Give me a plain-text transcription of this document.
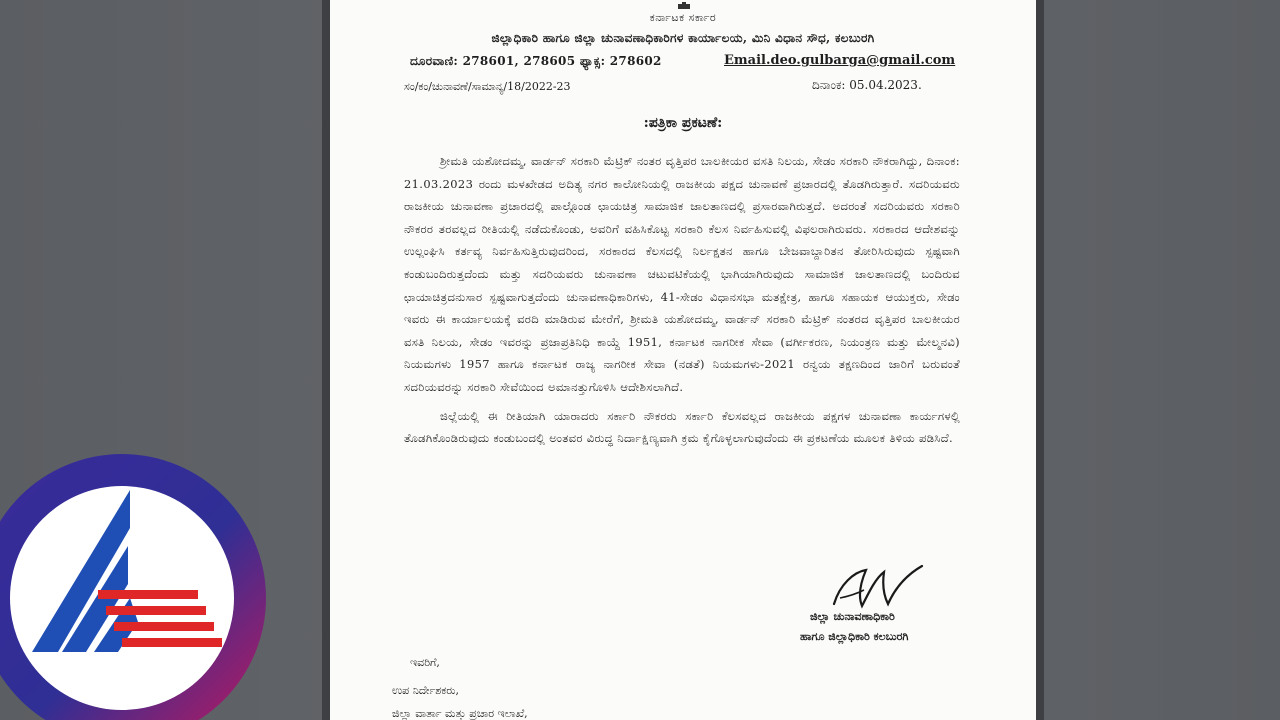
ಕರ್ನಾಟಕ ಸರ್ಕಾರ
ಜಿಲ್ಲಾಧಿಕಾರಿ ಹಾಗೂ ಜಿಲ್ಲಾ ಚುನಾವಣಾಧಿಕಾರಿಗಳ ಕಾರ್ಯಾಲಯ, ಮಿನಿ ವಿಧಾನ ಸೌಧ, ಕಲಬುರಗಿ
ದೂರವಾಣಿ: 278601, 278605 ಫ್ಯಾಕ್ಸ: 278602	Email.deo.gulbarga@gmail.com
ಸಂ/ಕಂ/ಚುನಾವಣೆ/ಸಾಮಾನ್ಯ/18/2022-23	ದಿನಾಂಕ: 05.04.2023.
:ಪತ್ರಿಕಾ ಪ್ರಕಟಣೆ:

ಶ್ರೀಮತಿ ಯಶೋದಮ್ಮ, ವಾರ್ಡನ್ ಸರಕಾರಿ ಮೆಟ್ರಿಕ್ ನಂತರ ವೃತ್ತಿಪರ ಬಾಲಕೀಯರ ವಸತಿ ನಿಲಯ, ಸೇಡಂ ಸರಕಾರಿ ನೌಕರಾಗಿದ್ದು, ದಿನಾಂಕ: 21.03.2023 ರಂದು ಮಳಖೇಡದ ಅದಿತ್ಯ ನಗರ ಕಾಲೋನಿಯಲ್ಲಿ ರಾಜಕೀಯ ಪಕ್ಷದ ಚುನಾವಣೆ ಪ್ರಚಾರದಲ್ಲಿ ತೊಡಗಿರುತ್ತಾರೆ. ಸದರಿಯವರು ರಾಜಕೀಯ ಚುನಾವಣಾ ಪ್ರಚಾರದಲ್ಲಿ ಪಾಲ್ಗೊಂಡ ಛಾಯಚಿತ್ರ ಸಾಮಾಜಿಕ ಜಾಲತಾಣದಲ್ಲಿ ಪ್ರಸಾರವಾಗಿರುತ್ತದೆ. ಅದರಂತೆ ಸದರಿಯವರು ಸರಕಾರಿ ನೌಕರರ ತರವಲ್ಲದ ರೀತಿಯಲ್ಲಿ ನಡೆದುಕೊಂಡು, ಅವರಿಗೆ ವಹಿಸಿಕೊಟ್ಟ ಸರಕಾರಿ ಕೆಲಸ ನಿರ್ವಹಿಸುವಲ್ಲಿ ವಿಫಲರಾಗಿರುವರು. ಸರಕಾರದ ಆದೇಶವನ್ನು ಉಲ್ಲಂಘಿಸಿ ಕರ್ತವ್ಯ ನಿರ್ವಹಿಸುತ್ತಿರುವುದರಿಂದ, ಸರಕಾರದ ಕೆಲಸದಲ್ಲಿ ನಿರ್ಲಕ್ಷತನ ಹಾಗೂ ಬೇಜವಾಬ್ದಾರಿತನ ತೋರಿಸಿರುವುದು ಸ್ಪಷ್ಟವಾಗಿ ಕಂಡುಬಂದಿರುತ್ತದೆಂದು ಮತ್ತು ಸದರಿಯವರು ಚುನಾವಣಾ ಚಟುವಟಿಕೆಯಲ್ಲಿ ಭಾಗಿಯಾಗಿರುವುದು ಸಾಮಾಜಿಕ ಜಾಲತಾಣದಲ್ಲಿ ಬಂದಿರುವ ಛಾಯಾಚಿತ್ರದನುಸಾರ ಸ್ಪಷ್ಟವಾಗುತ್ತದೆಂದು ಚುನಾವಣಾಧಿಕಾರಿಗಳು, 41-ಸೇಡಂ ವಿಧಾನಸಭಾ ಮತಕ್ಷೇತ್ರ, ಹಾಗೂ ಸಹಾಯಕ ಆಯುಕ್ತರು, ಸೇಡಂ ಇವರು ಈ ಕಾರ್ಯಾಲಯಕ್ಕೆ ವರದಿ ಮಾಡಿರುವ ಮೇರೆಗೆ, ಶ್ರೀಮತಿ ಯಶೋದಮ್ಮ, ವಾರ್ಡನ್ ಸರಕಾರಿ ಮೆಟ್ರಿಕ್ ನಂತರದ ವೃತ್ತಿಪರ ಬಾಲಕೀಯರ ವಸತಿ ನಿಲಯ, ಸೇಡಂ ಇವರನ್ನು ಪ್ರಜಾಪ್ರತಿನಿಧಿ ಕಾಯ್ದೆ 1951, ಕರ್ನಾಟಕ ನಾಗರೀಕ ಸೇವಾ (ವರ್ಗೀಕರಣ, ನಿಯಂತ್ರಣ ಮತ್ತು ಮೇಲ್ಮನವಿ) ನಿಯಮಗಳು 1957 ಹಾಗೂ ಕರ್ನಾಟಕ ರಾಜ್ಯ ನಾಗರೀಕ ಸೇವಾ (ನಡತೆ) ನಿಯಮಗಳು-2021 ರನ್ವಯ ತಕ್ಷಣದಿಂದ ಜಾರಿಗೆ ಬರುವಂತೆ ಸದರಿಯವರನ್ನು ಸರಕಾರಿ ಸೇವೆಯಿಂದ ಅಮಾನತ್ತುಗೊಳಿಸಿ ಆದೇಶಿಸಲಾಗಿದೆ.

ಜಿಲ್ಲೆಯಲ್ಲಿ ಈ ರೀತಿಯಾಗಿ ಯಾರಾದರು ಸರ್ಕಾರಿ ನೌಕರರು ಸರ್ಕಾರಿ ಕೆಲಸವಲ್ಲದ ರಾಜಕೀಯ ಪಕ್ಷಗಳ ಚುನಾವಣಾ ಕಾರ್ಯಗಳಲ್ಲಿ ತೊಡಗಿಕೊಂಡಿರುವುದು ಕಂಡುಬಂದಲ್ಲಿ ಅಂತವರ ವಿರುದ್ಧ ನಿರ್ದಾಕ್ಷಿಣ್ಯವಾಗಿ ಕ್ರಮ ಕೈಗೊಳ್ಳಲಾಗುವುದೆಂದು ಈ ಪ್ರಕಟಣೆಯ ಮೂಲಕ ತಿಳಿಯ ಪಡಿಸಿದೆ.

ಜಿಲ್ಲಾ ಚುನಾವಣಾಧಿಕಾರಿ
ಹಾಗೂ ಜಿಲ್ಲಾಧಿಕಾರಿ ಕಲಬುರಗಿ
ಇವರಿಗೆ,
ಉಪ ನಿರ್ದೇಶಕರು,
ಜಿಲ್ಲಾ ವಾರ್ತಾ ಮತ್ತು ಪ್ರಚಾರ ಇಲಾಖೆ,
